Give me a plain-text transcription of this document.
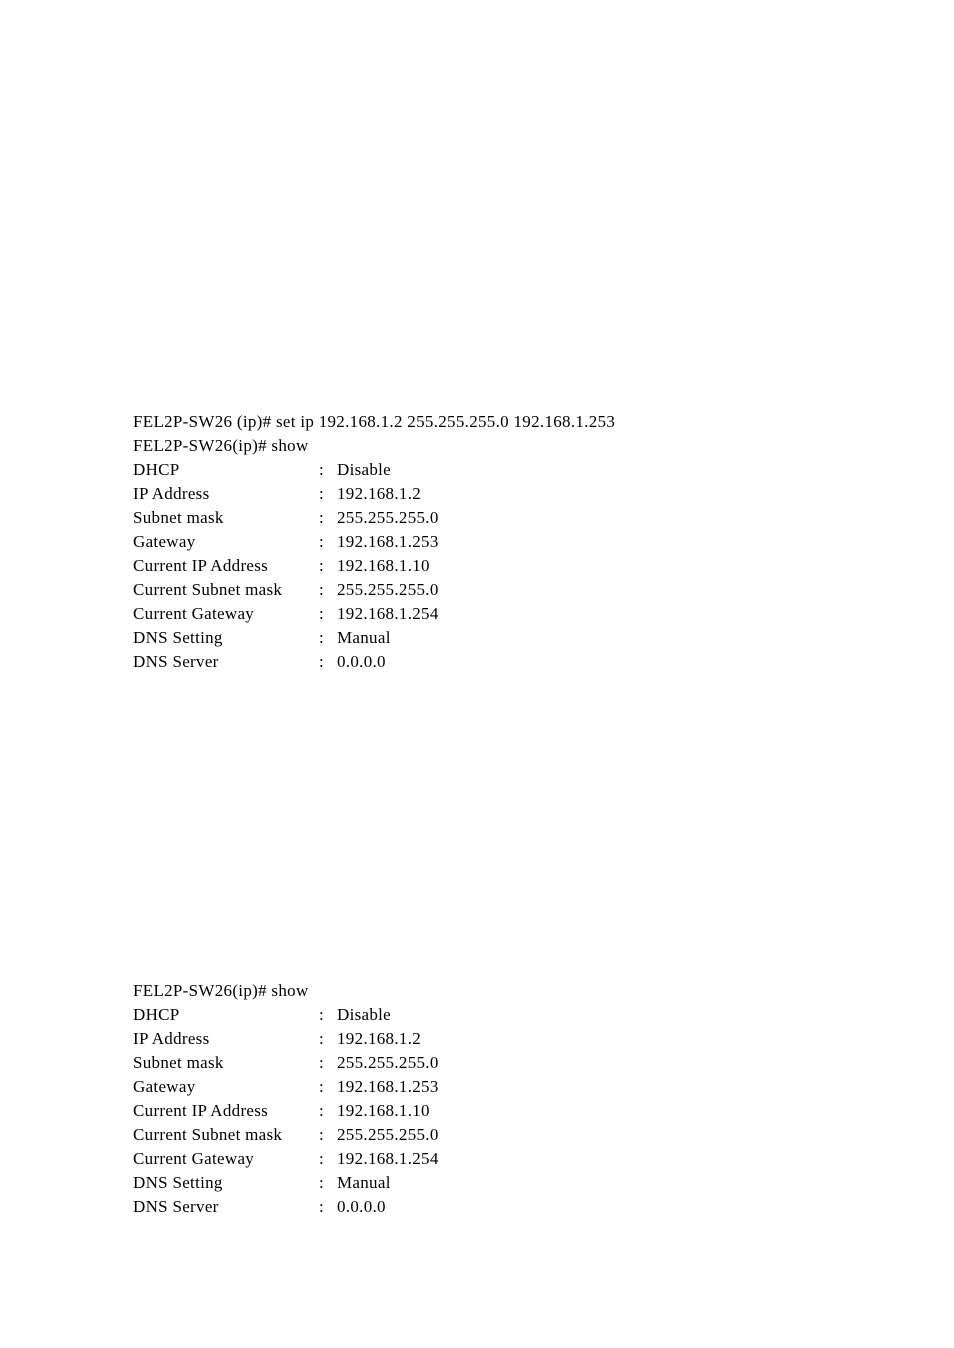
FEL2P-SW26 (ip)# set ip 192.168.1.2 255.255.255.0 192.168.1.253
FEL2P-SW26(ip)# show
DHCP	: Disable
IP Address	: 192.168.1.2
Subnet mask	: 255.255.255.0
Gateway	: 192.168.1.253
Current IP Address	: 192.168.1.10
Current Subnet mask	: 255.255.255.0
Current Gateway	: 192.168.1.254
DNS Setting	: Manual
DNS Server	: 0.0.0.0
FEL2P-SW26(ip)# show
DHCP	: Disable
IP Address	: 192.168.1.2
Subnet mask	: 255.255.255.0
Gateway	: 192.168.1.253
Current IP Address	: 192.168.1.10
Current Subnet mask	: 255.255.255.0
Current Gateway	: 192.168.1.254
DNS Setting	: Manual
DNS Server	: 0.0.0.0
